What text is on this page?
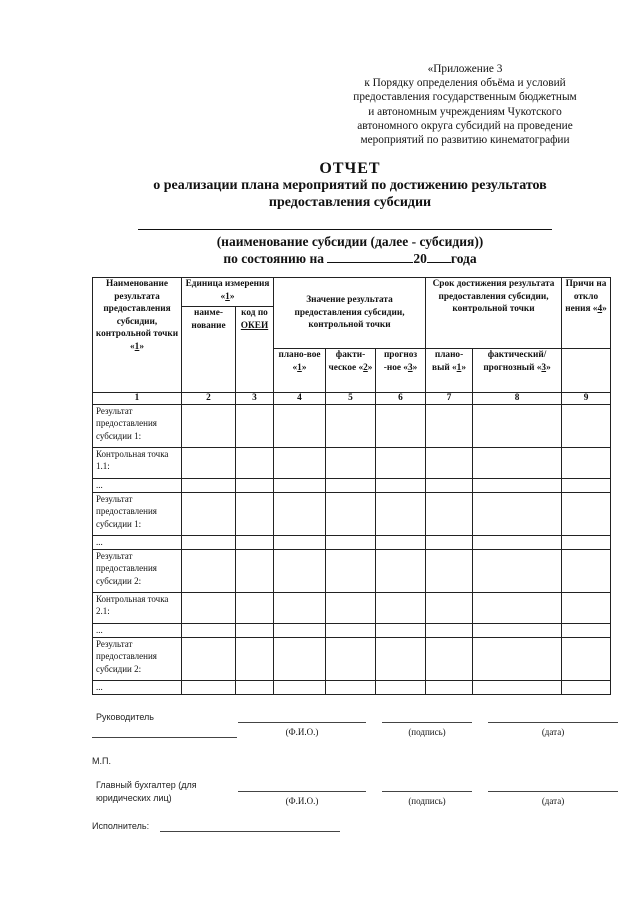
«Приложение 3
к Порядку определения объёма и условий
предоставления государственным бюджетным
и автономным учреждениям Чукотского
автономного округа субсидий на проведение
мероприятий по развитию кинематографии
ОТЧЕТ
о реализации плана мероприятий по достижению результатов
предоставления субсидии
(наименование субсидии (далее - субсидия))
по состоянию на	20 года
Наименование результата предоставления субсидии, контрольной точки «1»	Единица измерения «1»		Значение результата предоставления субсидии, контрольной точки			Срок достижения результата предоставления субсидии, контрольной точки		Причи на откло нения «4»
	наиме-нование	код по ОКЕИ						
			плано-вое «1»	факти-ческое «2»	прогноз -ное «3»	плано-вый «1»	фактический/ прогнозный «3»	
1	2	3	4	5	6	7	8	9
Результат предоставления субсидии 1:								
Контрольная точка 1.1:								
...								
Результат предоставления субсидии 1:								
...								
Результат предоставления субсидии 2:								
Контрольная точка 2.1:								
...								
Результат предоставления субсидии 2:								
...								
Руководитель
(Ф.И.О.)	(подпись)	(дата)
М.П.
Главный бухгалтер (для
юридических лиц)	(Ф.И.О.)	(подпись)	(дата)
Исполнитель:
